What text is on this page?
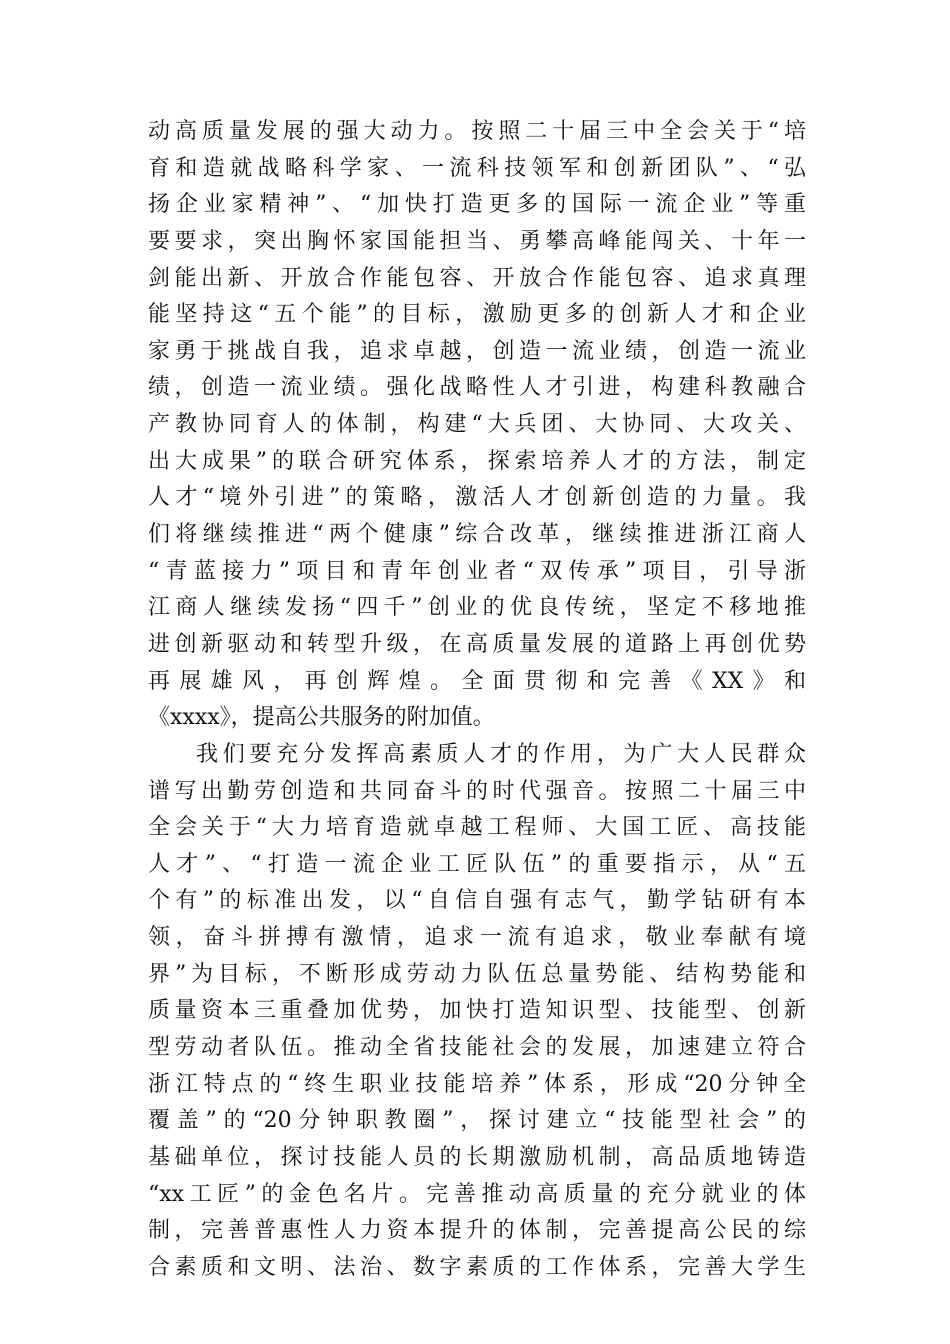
动高质量发展的强大动力。按照二十届三中全会关于“培
育和造就战略科学家、一流科技领军和创新团队”、“弘
扬企业家精神”、“加快打造更多的国际一流企业”等重
要要求，突出胸怀家国能担当、勇攀高峰能闯关、十年一
剑能出新、开放合作能包容、开放合作能包容、追求真理
能坚持这“五个能”的目标，激励更多的创新人才和企业
家勇于挑战自我，追求卓越，创造一流业绩，创造一流业
绩，创造一流业绩。强化战略性人才引进，构建科教融合
产教协同育人的体制，构建“大兵团、大协同、大攻关、
出大成果”的联合研究体系，探索培养人才的方法，制定
人才“境外引进”的策略，激活人才创新创造的力量。我
们将继续推进“两个健康”综合改革，继续推进浙江商人
“青蓝接力”项目和青年创业者“双传承”项目，引导浙
江商人继续发扬“四千”创业的优良传统，坚定不移地推
进创新驱动和转型升级，在高质量发展的道路上再创优势
再展雄风，再创辉煌。全面贯彻和完善《XX》和
《xxxx》，提高公共服务的附加值。
我们要充分发挥高素质人才的作用，为广大人民群众
谱写出勤劳创造和共同奋斗的时代强音。按照二十届三中
全会关于“大力培育造就卓越工程师、大国工匠、高技能
人才”、“打造一流企业工匠队伍”的重要指示，从“五
个有”的标准出发，以“自信自强有志气，勤学钻研有本
领，奋斗拼搏有激情，追求一流有追求，敬业奉献有境
界”为目标，不断形成劳动力队伍总量势能、结构势能和
质量资本三重叠加优势，加快打造知识型、技能型、创新
型劳动者队伍。推动全省技能社会的发展，加速建立符合
浙江特点的“终生职业技能培养”体系，形成“20分钟全
覆盖”的“20分钟职教圈”，探讨建立“技能型社会”的
基础单位，探讨技能人员的长期激励机制，高品质地铸造
“xx工匠”的金色名片。完善推动高质量的充分就业的体
制，完善普惠性人力资本提升的体制，完善提高公民的综
合素质和文明、法治、数字素质的工作体系，完善大学生
